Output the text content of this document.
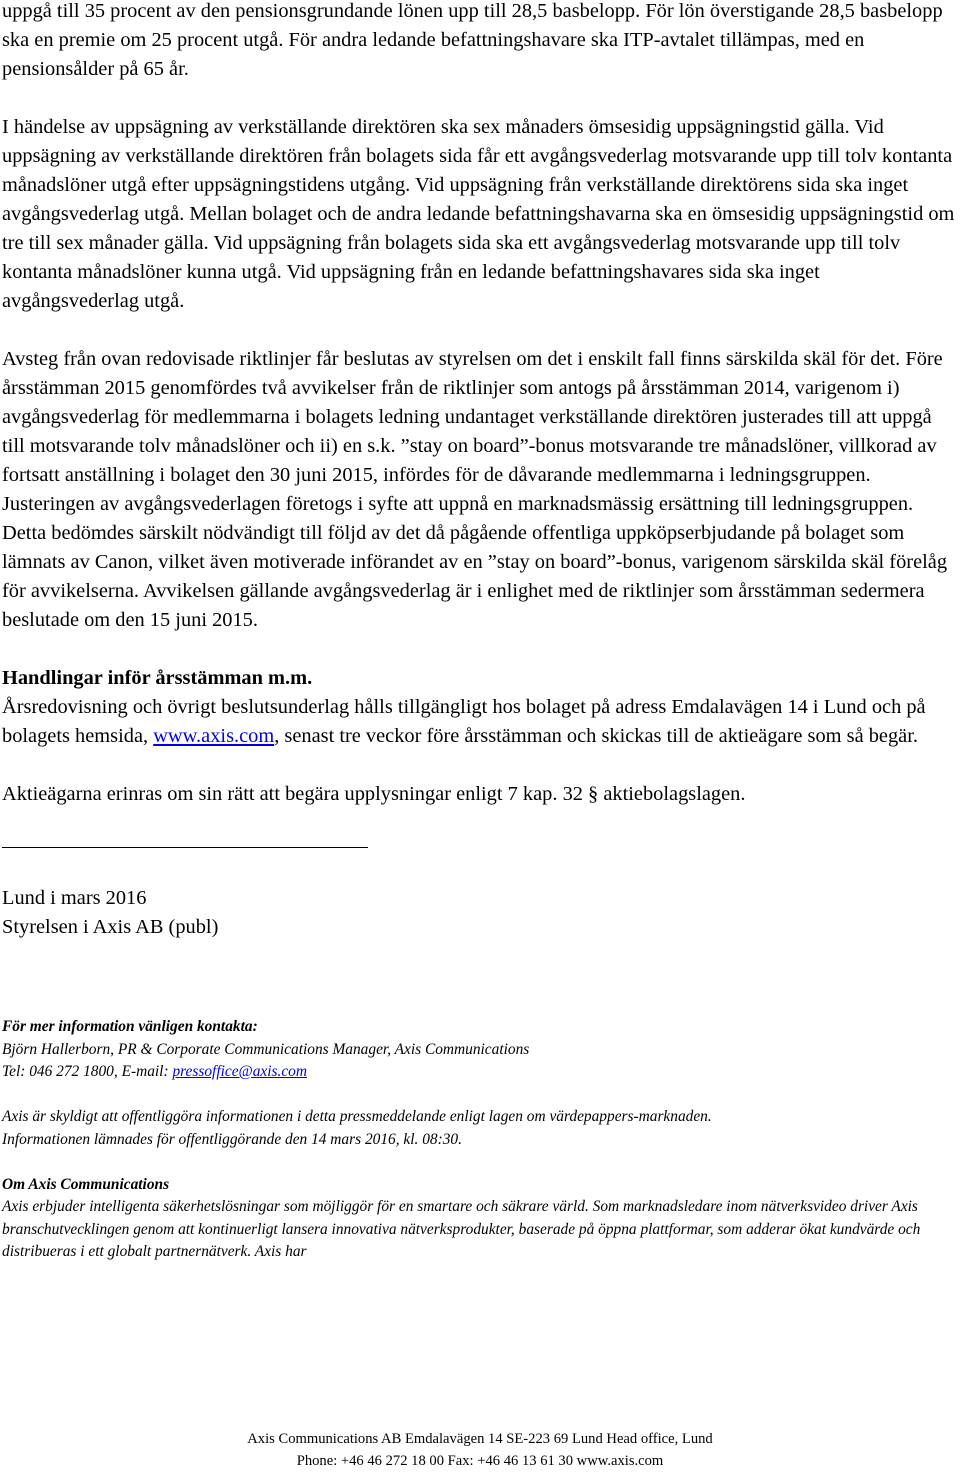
uppgå till 35 procent av den pensionsgrundande lönen upp till 28,5 basbelopp. För lön överstigande 28,5 basbelopp ska en premie om 25 procent utgå. För andra ledande befattningshavare ska ITP-avtalet tillämpas, med en pensionsålder på 65 år.

I händelse av uppsägning av verkställande direktören ska sex månaders ömsesidig uppsägningstid gälla. Vid uppsägning av verkställande direktören från bolagets sida får ett avgångsvederlag motsvarande upp till tolv kontanta månadslöner utgå efter uppsägningstidens utgång. Vid uppsägning från verkställande direktörens sida ska inget avgångsvederlag utgå. Mellan bolaget och de andra ledande befattningshavarna ska en ömsesidig uppsägningstid om tre till sex månader gälla. Vid uppsägning från bolagets sida ska ett avgångsvederlag motsvarande upp till tolv kontanta månadslöner kunna utgå. Vid uppsägning från en ledande befattningshavares sida ska inget avgångsvederlag utgå.

Avsteg från ovan redovisade riktlinjer får beslutas av styrelsen om det i enskilt fall finns särskilda skäl för det. Före årsstämman 2015 genomfördes två avvikelser från de riktlinjer som antogs på årsstämman 2014, varigenom i) avgångsvederlag för medlemmarna i bolagets ledning undantaget verkställande direktören justerades till att uppgå till motsvarande tolv månadslöner och ii) en s.k. ”stay on board”-bonus motsvarande tre månadslöner, villkorad av fortsatt anställning i bolaget den 30 juni 2015, infördes för de dåvarande medlemmarna i ledningsgruppen. Justeringen av avgångsvederlagen företogs i syfte att uppnå en marknadsmässig ersättning till ledningsgruppen. Detta bedömdes särskilt nödvändigt till följd av det då pågående offentliga uppköpserbjudande på bolaget som lämnats av Canon, vilket även motiverade införandet av en ”stay on board”-bonus, varigenom särskilda skäl förelåg för avvikelserna. Avvikelsen gällande avgångsvederlag är i enlighet med de riktlinjer som årsstämman sedermera beslutade om den 15 juni 2015.

Handlingar inför årsstämman m.m.

Årsredovisning och övrigt beslutsunderlag hålls tillgängligt hos bolaget på adress Emdalavägen 14 i Lund och på bolagets hemsida, www.axis.com, senast tre veckor före årsstämman och skickas till de aktieägare som så begär.

Aktieägarna erinras om sin rätt att begära upplysningar enligt 7 kap. 32 § aktiebolagslagen.

Lund i mars 2016

Styrelsen i Axis AB (publ)

För mer information vänligen kontakta:

Björn Hallerborn, PR & Corporate Communications Manager, Axis Communications

Tel: 046 272 1800, E-mail: pressoffice@axis.com

Axis är skyldigt att offentliggöra informationen i detta pressmeddelande enligt lagen om värdepappers-marknaden.

Informationen lämnades för offentliggörande den 14 mars 2016, kl. 08:30.

Om Axis Communications

Axis erbjuder intelligenta säkerhetslösningar som möjliggör för en smartare och säkrare värld. Som marknadsledare inom nätverksvideo driver Axis branschutvecklingen genom att kontinuerligt lansera innovativa nätverksprodukter, baserade på öppna plattformar, som adderar ökat kundvärde och distribueras i ett globalt partnernätverk. Axis har

Axis Communications AB Emdalavägen 14 SE-223 69 Lund Head office, Lund
Phone: +46 46 272 18 00 Fax: +46 46 13 61 30 www.axis.com
